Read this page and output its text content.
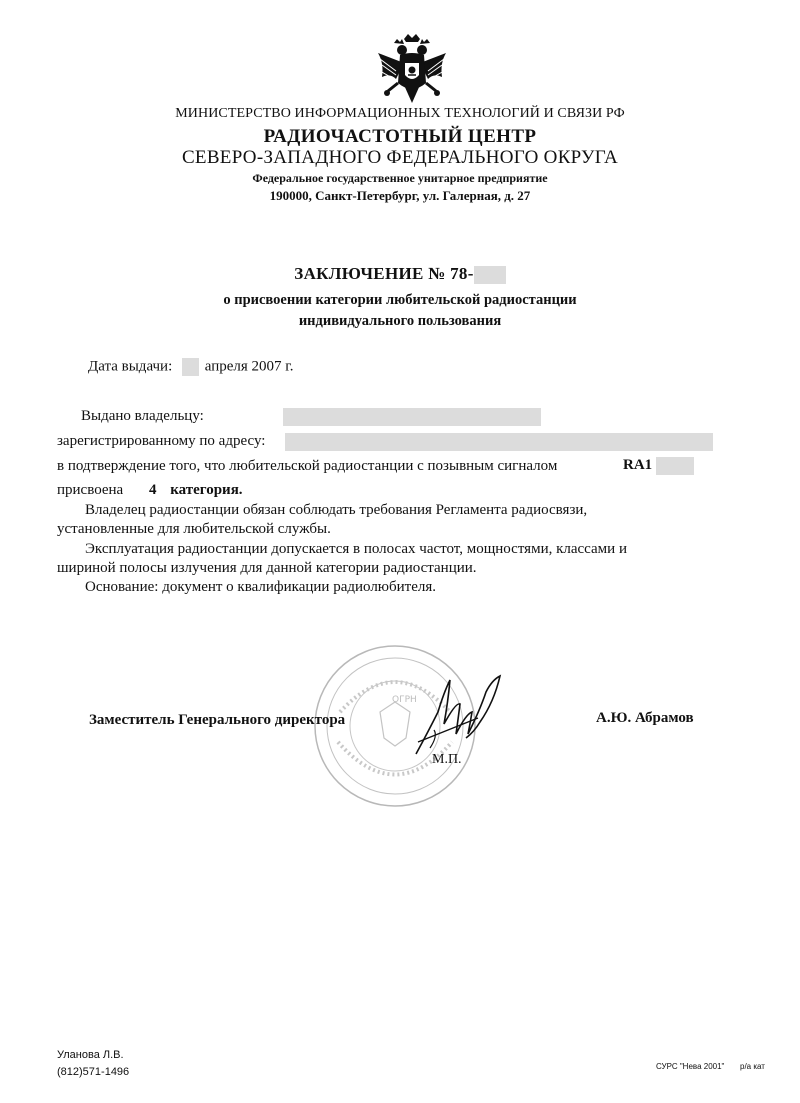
МИНИСТЕРСТВО ИНФОРМАЦИОННЫХ ТЕХНОЛОГИЙ И СВЯЗИ РФ
РАДИОЧАСТОТНЫЙ ЦЕНТР
СЕВЕРО-ЗАПАДНОГО ФЕДЕРАЛЬНОГО ОКРУГА
Федеральное государственное унитарное предприятие
190000, Санкт-Петербург, ул. Галерная, д. 27
ЗАКЛЮЧЕНИЕ № 78-
о присвоении категории любительской радиостанции
индивидуального пользования
Дата выдачи: апреля 2007 г.
Выдано владельцу:
зарегистрированному по адресу:
в подтверждение того, что любительской радиостанции с позывным сигналом	RA1
присвоена 4 категория.
Владелец радиостанции обязан соблюдать требования Регламента радиосвязи,
установленные для любительской службы.
Эксплуатация радиостанции допускается в полосах частот, мощностями, классами и
шириной полосы излучения для данной категории радиостанции.
Основание: документ о квалификации радиолюбителя.
ОГРН
Заместитель Генерального директора	А.Ю. Абрамов
М.П.
Уланова Л.В.
(812)571-1496	СУРС "Нева 2001" р/а кат
